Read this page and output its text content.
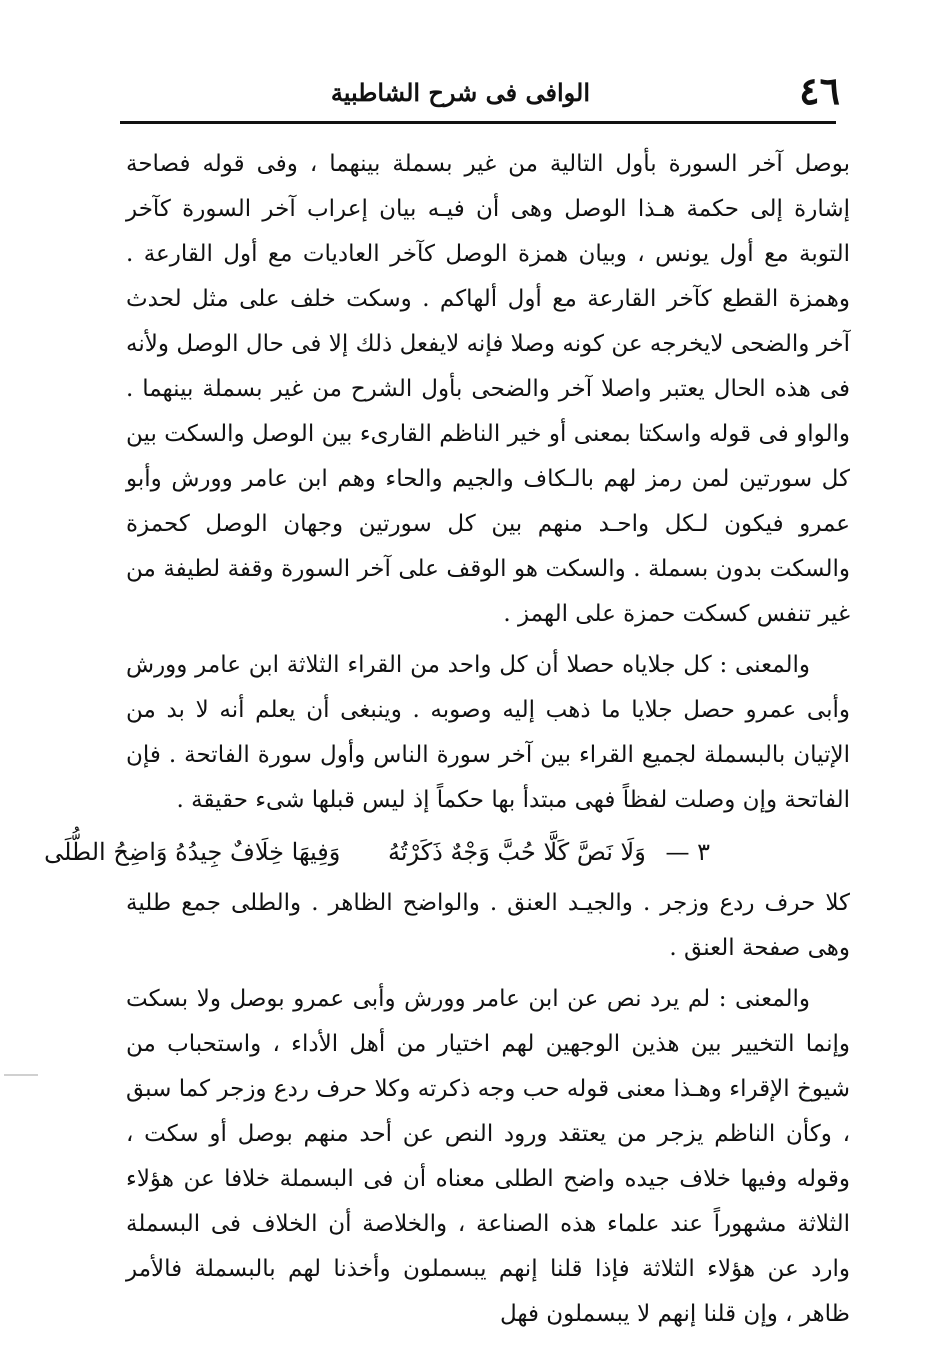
٤٦
الوافى فى شرح الشاطبية

بوصل آخر السورة بأول التالية من غير بسملة بينهما ، وفى قوله فصاحة إشارة إلى حكمة هـذا الوصل وهى أن فيـه بيان إعراب آخر السورة كآخر التوبة مع أول يونس ، وبيان همزة الوصل كآخر العاديات مع أول القارعة . وهمزة القطع كآخر القارعة مع أول ألهاكم . وسكت خلف على مثل لحدث آخر والضحى لايخرجه عن كونه وصلا فإنه لايفعل ذلك إلا فى حال الوصل ولأنه فى هذه الحال يعتبر واصلا آخر والضحى بأول الشرح من غير بسملة بينهما . والواو فى قوله واسكتا بمعنى أو خير الناظم القارىء بين الوصل والسكت بين كل سورتين لمن رمز لهم بالـكاف والجيم والحاء وهم ابن عامر وورش وأبو عمرو فيكون لـكل واحـد منهم بين كل سورتين وجهان الوصل كحمزة والسكت بدون بسملة . والسكت هو الوقف على آخر السورة وقفة لطيفة من غير تنفس كسكت حمزة على الهمز .

والمعنى : كل جلاياه حصلا أن كل واحد من القراء الثلاثة ابن عامر وورش وأبى عمرو حصل جلايا ما ذهب إليه وصوبه . وينبغى أن يعلم أنه لا بد من الإتيان بالبسملة لجميع القراء بين آخر سورة الناس وأول سورة الفاتحة . فإن الفاتحة وإن وصلت لفظاً فهى مبتدأ بها حكماً إذ ليس قبلها شىء حقيقة .

٣ — وَلَا نَصَّ كَلَّا حُبَّ وَجْهٌ ذَكَرْتُهُ وَفِيهَا خِلَافٌ جِيدُهُ وَاضِحُ الطُّلَى

كلا حرف ردع وزجر . والجيـد العنق . والواضح الظاهر . والطلى جمع طلية وهى صفحة العنق .

والمعنى : لم يرد نص عن ابن عامر وورش وأبى عمرو بوصل ولا بسكت وإنما التخيير بين هذين الوجهين لهم اختيار من أهل الأداء ، واستحباب من شيوخ الإقراء وهـذا معنى قوله حب وجه ذكرته وكلا حرف ردع وزجر كما سبق ، وكأن الناظم يزجر من يعتقد ورود النص عن أحد منهم بوصل أو سكت ، وقوله وفيها خلاف جيده واضح الطلى معناه أن فى البسملة خلافا عن هؤلاء الثلاثة مشهوراً عند علماء هذه الصناعة ، والخلاصة أن الخلاف فى البسملة وارد عن هؤلاء الثلاثة فإذا قلنا إنهم يبسملون وأخذنا لهم بالبسملة فالأمر ظاهر ، وإن قلنا إنهم لا يبسملون فهل
